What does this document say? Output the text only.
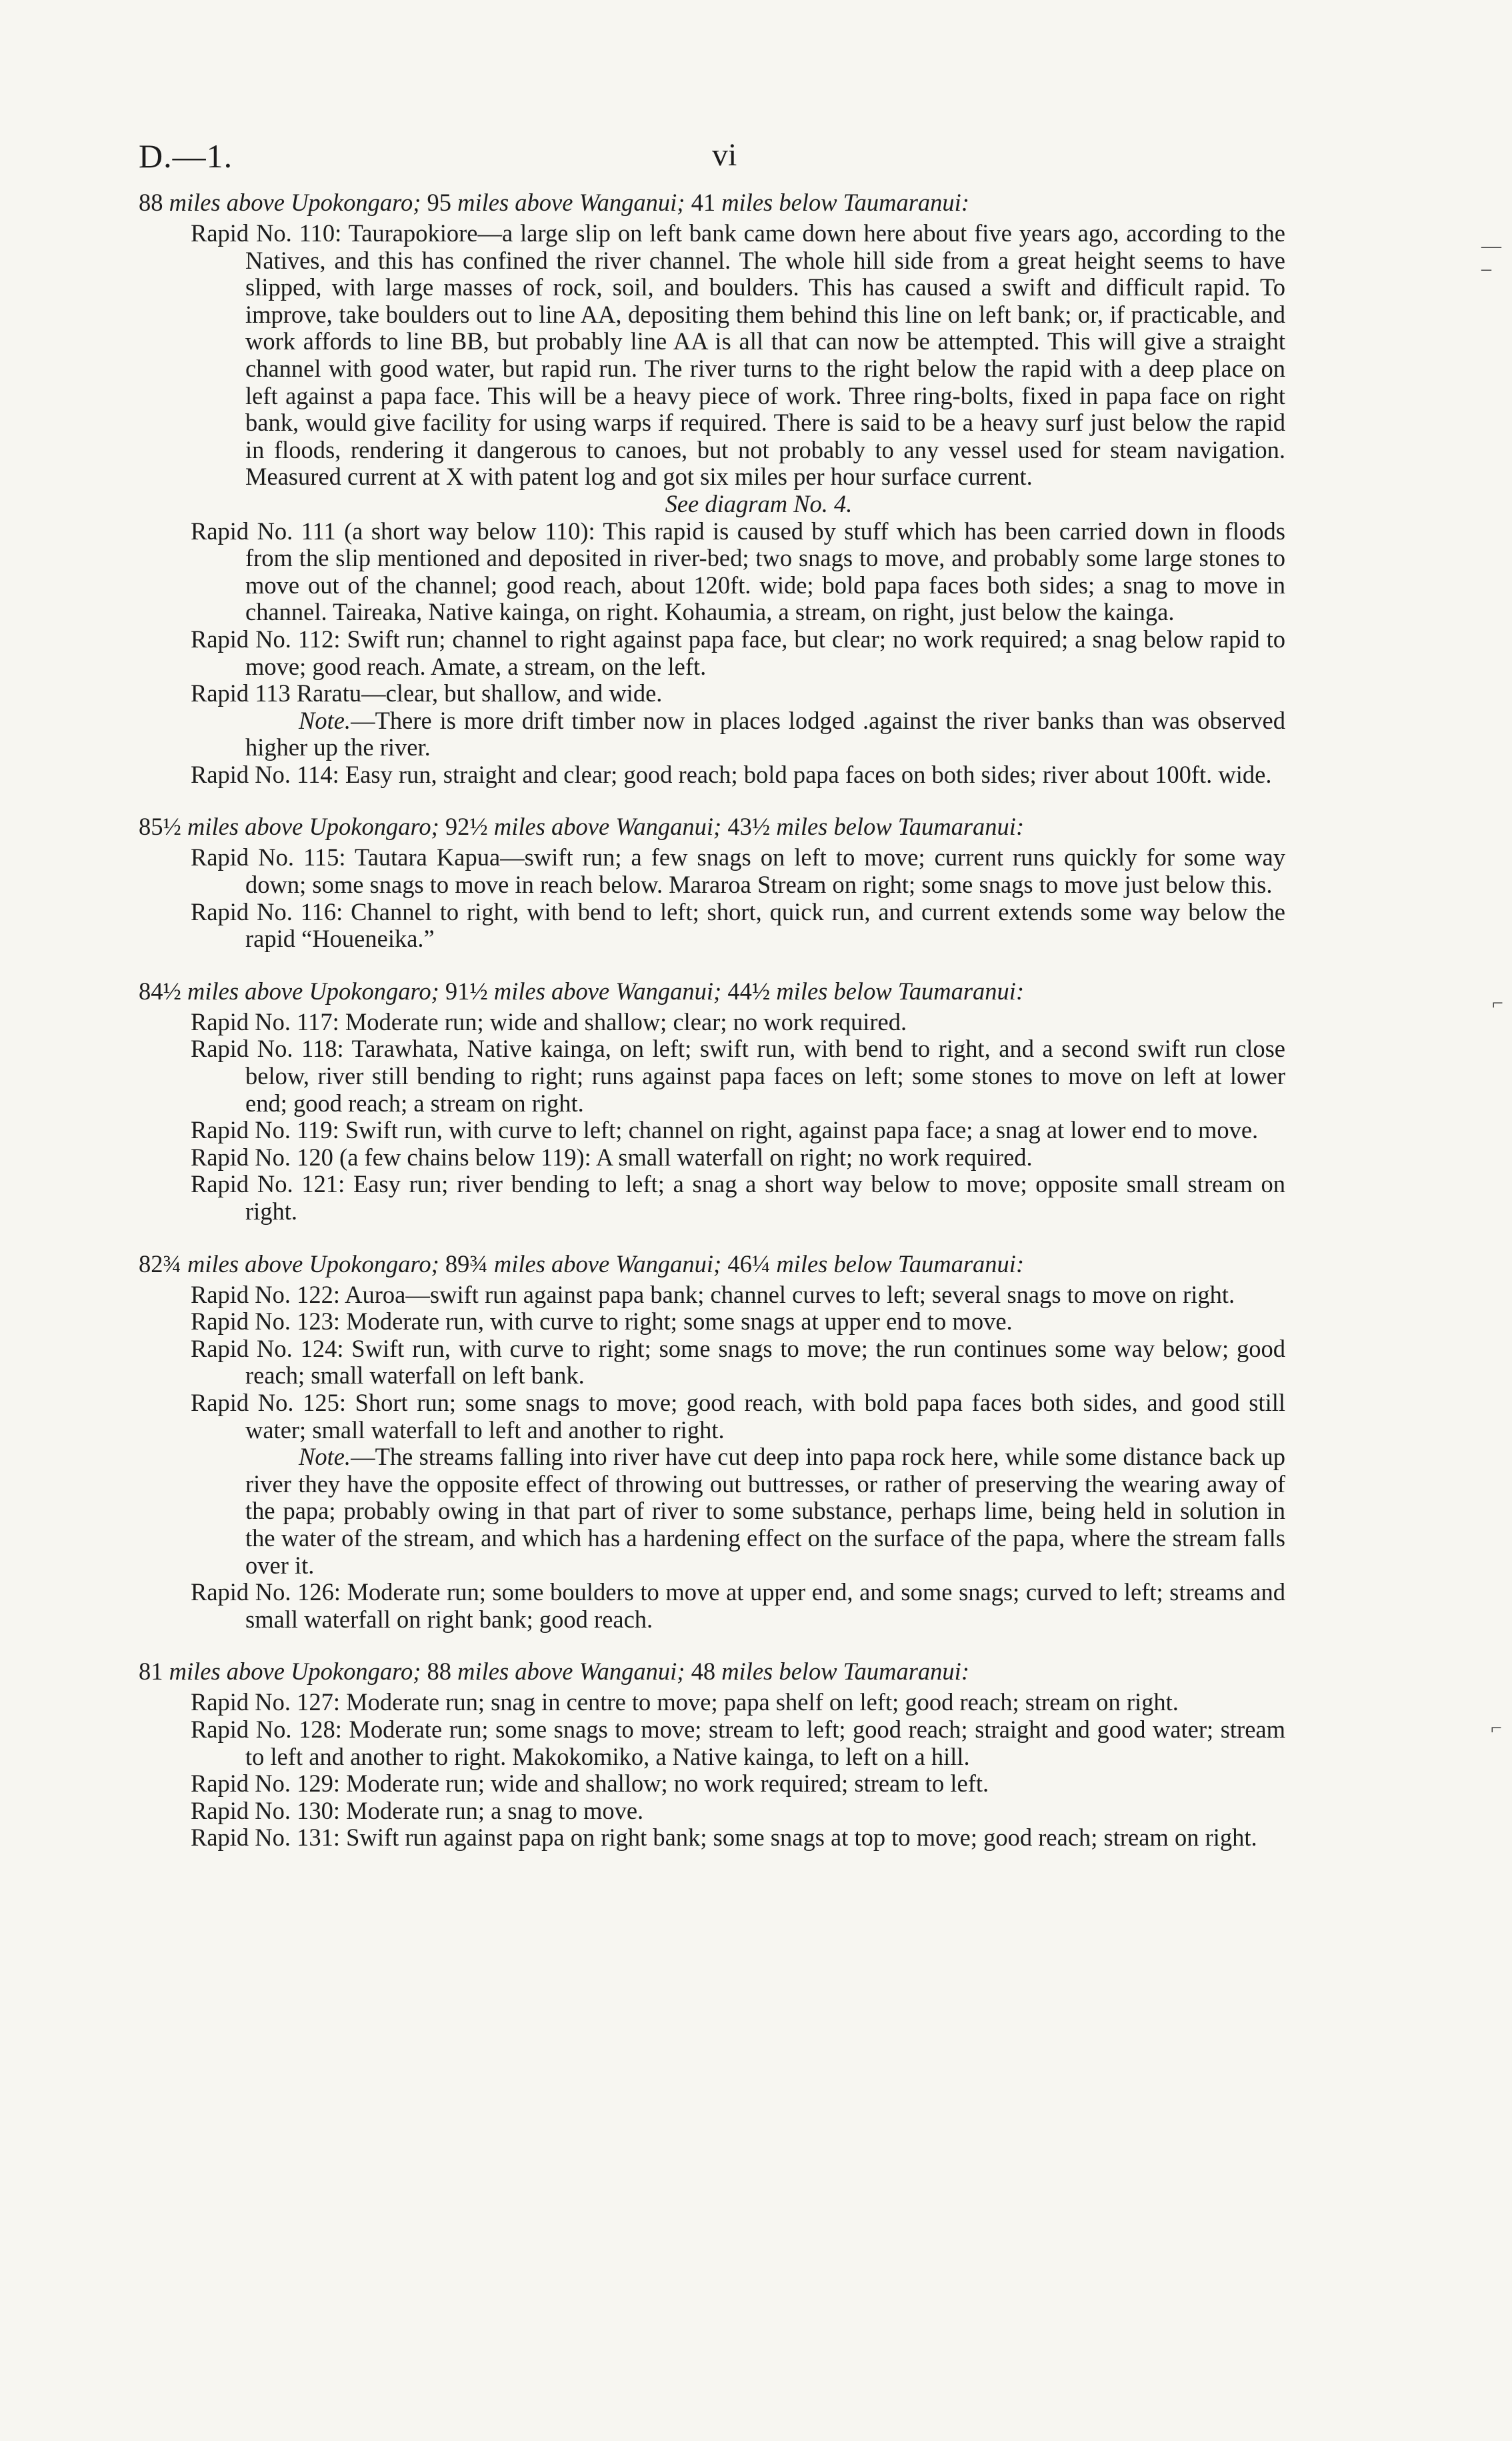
D.—1.	vi
— –
⌐
⌐
88 miles above Upokongaro; 95 miles above Wanganui; 41 miles below Taumaranui:
Rapid No. 110: Taurapokiore—a large slip on left bank came down here about five years ago, according to the Natives, and this has confined the river channel. The whole hill side from a great height seems to have slipped, with large masses of rock, soil, and boulders. This has caused a swift and difficult rapid. To improve, take boulders out to line AA, depositing them behind this line on left bank; or, if practicable, and work affords to line BB, but probably line AA is all that can now be attempted. This will give a straight channel with good water, but rapid run. The river turns to the right below the rapid with a deep place on left against a papa face. This will be a heavy piece of work. Three ring-bolts, fixed in papa face on right bank, would give facility for using warps if required. There is said to be a heavy surf just below the rapid in floods, rendering it dangerous to canoes, but not probably to any vessel used for steam navigation. Measured current at X with patent log and got six miles per hour surface current.
See diagram No. 4.
Rapid No. 111 (a short way below 110): This rapid is caused by stuff which has been carried down in floods from the slip mentioned and deposited in river-bed; two snags to move, and probably some large stones to move out of the channel; good reach, about 120ft. wide; bold papa faces both sides; a snag to move in channel. Taireaka, Native kainga, on right. Kohaumia, a stream, on right, just below the kainga.
Rapid No. 112: Swift run; channel to right against papa face, but clear; no work required; a snag below rapid to move; good reach. Amate, a stream, on the left.
Rapid 113 Raratu—clear, but shallow, and wide.
Note.—There is more drift timber now in places lodged .against the river banks than was observed higher up the river.
Rapid No. 114: Easy run, straight and clear; good reach; bold papa faces on both sides; river about 100ft. wide.
85½ miles above Upokongaro; 92½ miles above Wanganui; 43½ miles below Taumaranui:
Rapid No. 115: Tautara Kapua—swift run; a few snags on left to move; current runs quickly for some way down; some snags to move in reach below. Mararoa Stream on right; some snags to move just below this.
Rapid No. 116: Channel to right, with bend to left; short, quick run, and current extends some way below the rapid “Houeneika.”
84½ miles above Upokongaro; 91½ miles above Wanganui; 44½ miles below Taumaranui:
Rapid No. 117: Moderate run; wide and shallow; clear; no work required.
Rapid No. 118: Tarawhata, Native kainga, on left; swift run, with bend to right, and a second swift run close below, river still bending to right; runs against papa faces on left; some stones to move on left at lower end; good reach; a stream on right.
Rapid No. 119: Swift run, with curve to left; channel on right, against papa face; a snag at lower end to move.
Rapid No. 120 (a few chains below 119): A small waterfall on right; no work required.
Rapid No. 121: Easy run; river bending to left; a snag a short way below to move; opposite small stream on right.
82¾ miles above Upokongaro; 89¾ miles above Wanganui; 46¼ miles below Taumaranui:
Rapid No. 122: Auroa—swift run against papa bank; channel curves to left; several snags to move on right.
Rapid No. 123: Moderate run, with curve to right; some snags at upper end to move.
Rapid No. 124: Swift run, with curve to right; some snags to move; the run continues some way below; good reach; small waterfall on left bank.
Rapid No. 125: Short run; some snags to move; good reach, with bold papa faces both sides, and good still water; small waterfall to left and another to right.
Note.—The streams falling into river have cut deep into papa rock here, while some distance back up river they have the opposite effect of throwing out buttresses, or rather of preserving the wearing away of the papa; probably owing in that part of river to some substance, perhaps lime, being held in solution in the water of the stream, and which has a hardening effect on the surface of the papa, where the stream falls over it.
Rapid No. 126: Moderate run; some boulders to move at upper end, and some snags; curved to left; streams and small waterfall on right bank; good reach.
81 miles above Upokongaro; 88 miles above Wanganui; 48 miles below Taumaranui:
Rapid No. 127: Moderate run; snag in centre to move; papa shelf on left; good reach; stream on right.
Rapid No. 128: Moderate run; some snags to move; stream to left; good reach; straight and good water; stream to left and another to right. Makokomiko, a Native kainga, to left on a hill.
Rapid No. 129: Moderate run; wide and shallow; no work required; stream to left.
Rapid No. 130: Moderate run; a snag to move.
Rapid No. 131: Swift run against papa on right bank; some snags at top to move; good reach; stream on right.
